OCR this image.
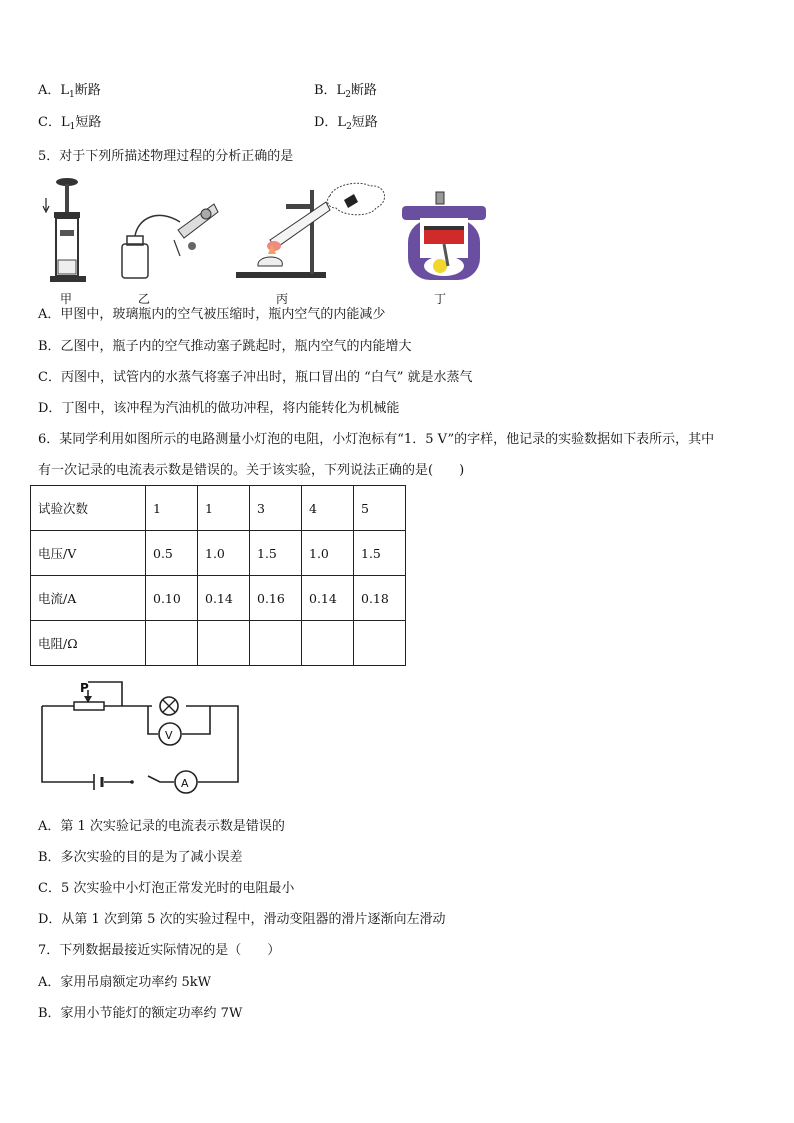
A．$L_1$断路	B．$L_2$断路
C．$L_1$短路	D．$L_2$短路
5．对于下列所描述物理过程的分析正确的是
甲	乙	丙	丁
A．甲图中，玻璃瓶内的空气被压缩时，瓶内空气的内能减少
B．乙图中，瓶子内的空气推动塞子跳起时，瓶内空气的内能增大
C．丙图中，试管内的水蒸气将塞子冲出时，瓶口冒出的 “白气” 就是水蒸气
D．丁图中，该冲程为汽油机的做功冲程，将内能转化为机械能
6．某同学利用如图所示的电路测量小灯泡的电阻，小灯泡标有“1．5 V”的字样，他记录的实验数据如下表所示，其中
有一次记录的电流表示数是错误的。关于该实验，下列说法正确的是(　　)
试验次数	1	1	3	4	5
电压/V	0.5	1.0	1.5	1.0	1.5
电流/A	0.10	0.14	0.16	0.14	0.18
电阻/Ω					
P
V
A
A．第 1 次实验记录的电流表示数是错误的
B．多次实验的目的是为了减小误差
C．5 次实验中小灯泡正常发光时的电阻最小
D．从第 1 次到第 5 次的实验过程中，滑动变阻器的滑片逐渐向左滑动
7．下列数据最接近实际情况的是（　　）
A．家用吊扇额定功率约 5kW
B．家用小节能灯的额定功率约 7W
